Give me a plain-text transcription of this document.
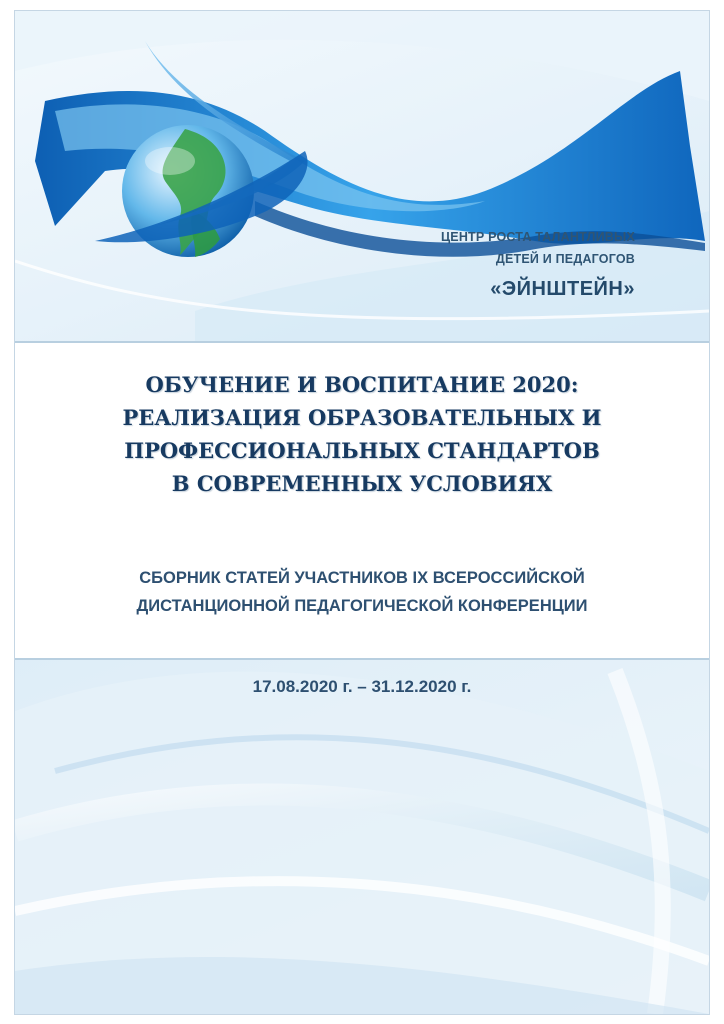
ЦЕНТР РОСТА ТАЛАНТЛИВЫХ
ДЕТЕЙ И ПЕДАГОГОВ
«ЭЙНШТЕЙН»
ОБУЧЕНИЕ И ВОСПИТАНИЕ 2020:
РЕАЛИЗАЦИЯ ОБРАЗОВАТЕЛЬНЫХ И
ПРОФЕССИОНАЛЬНЫХ СТАНДАРТОВ
В СОВРЕМЕННЫХ УСЛОВИЯХ
СБОРНИК СТАТЕЙ УЧАСТНИКОВ IX ВСЕРОССИЙСКОЙ
ДИСТАНЦИОННОЙ ПЕДАГОГИЧЕСКОЙ КОНФЕРЕНЦИИ
17.08.2020 г. – 31.12.2020 г.
